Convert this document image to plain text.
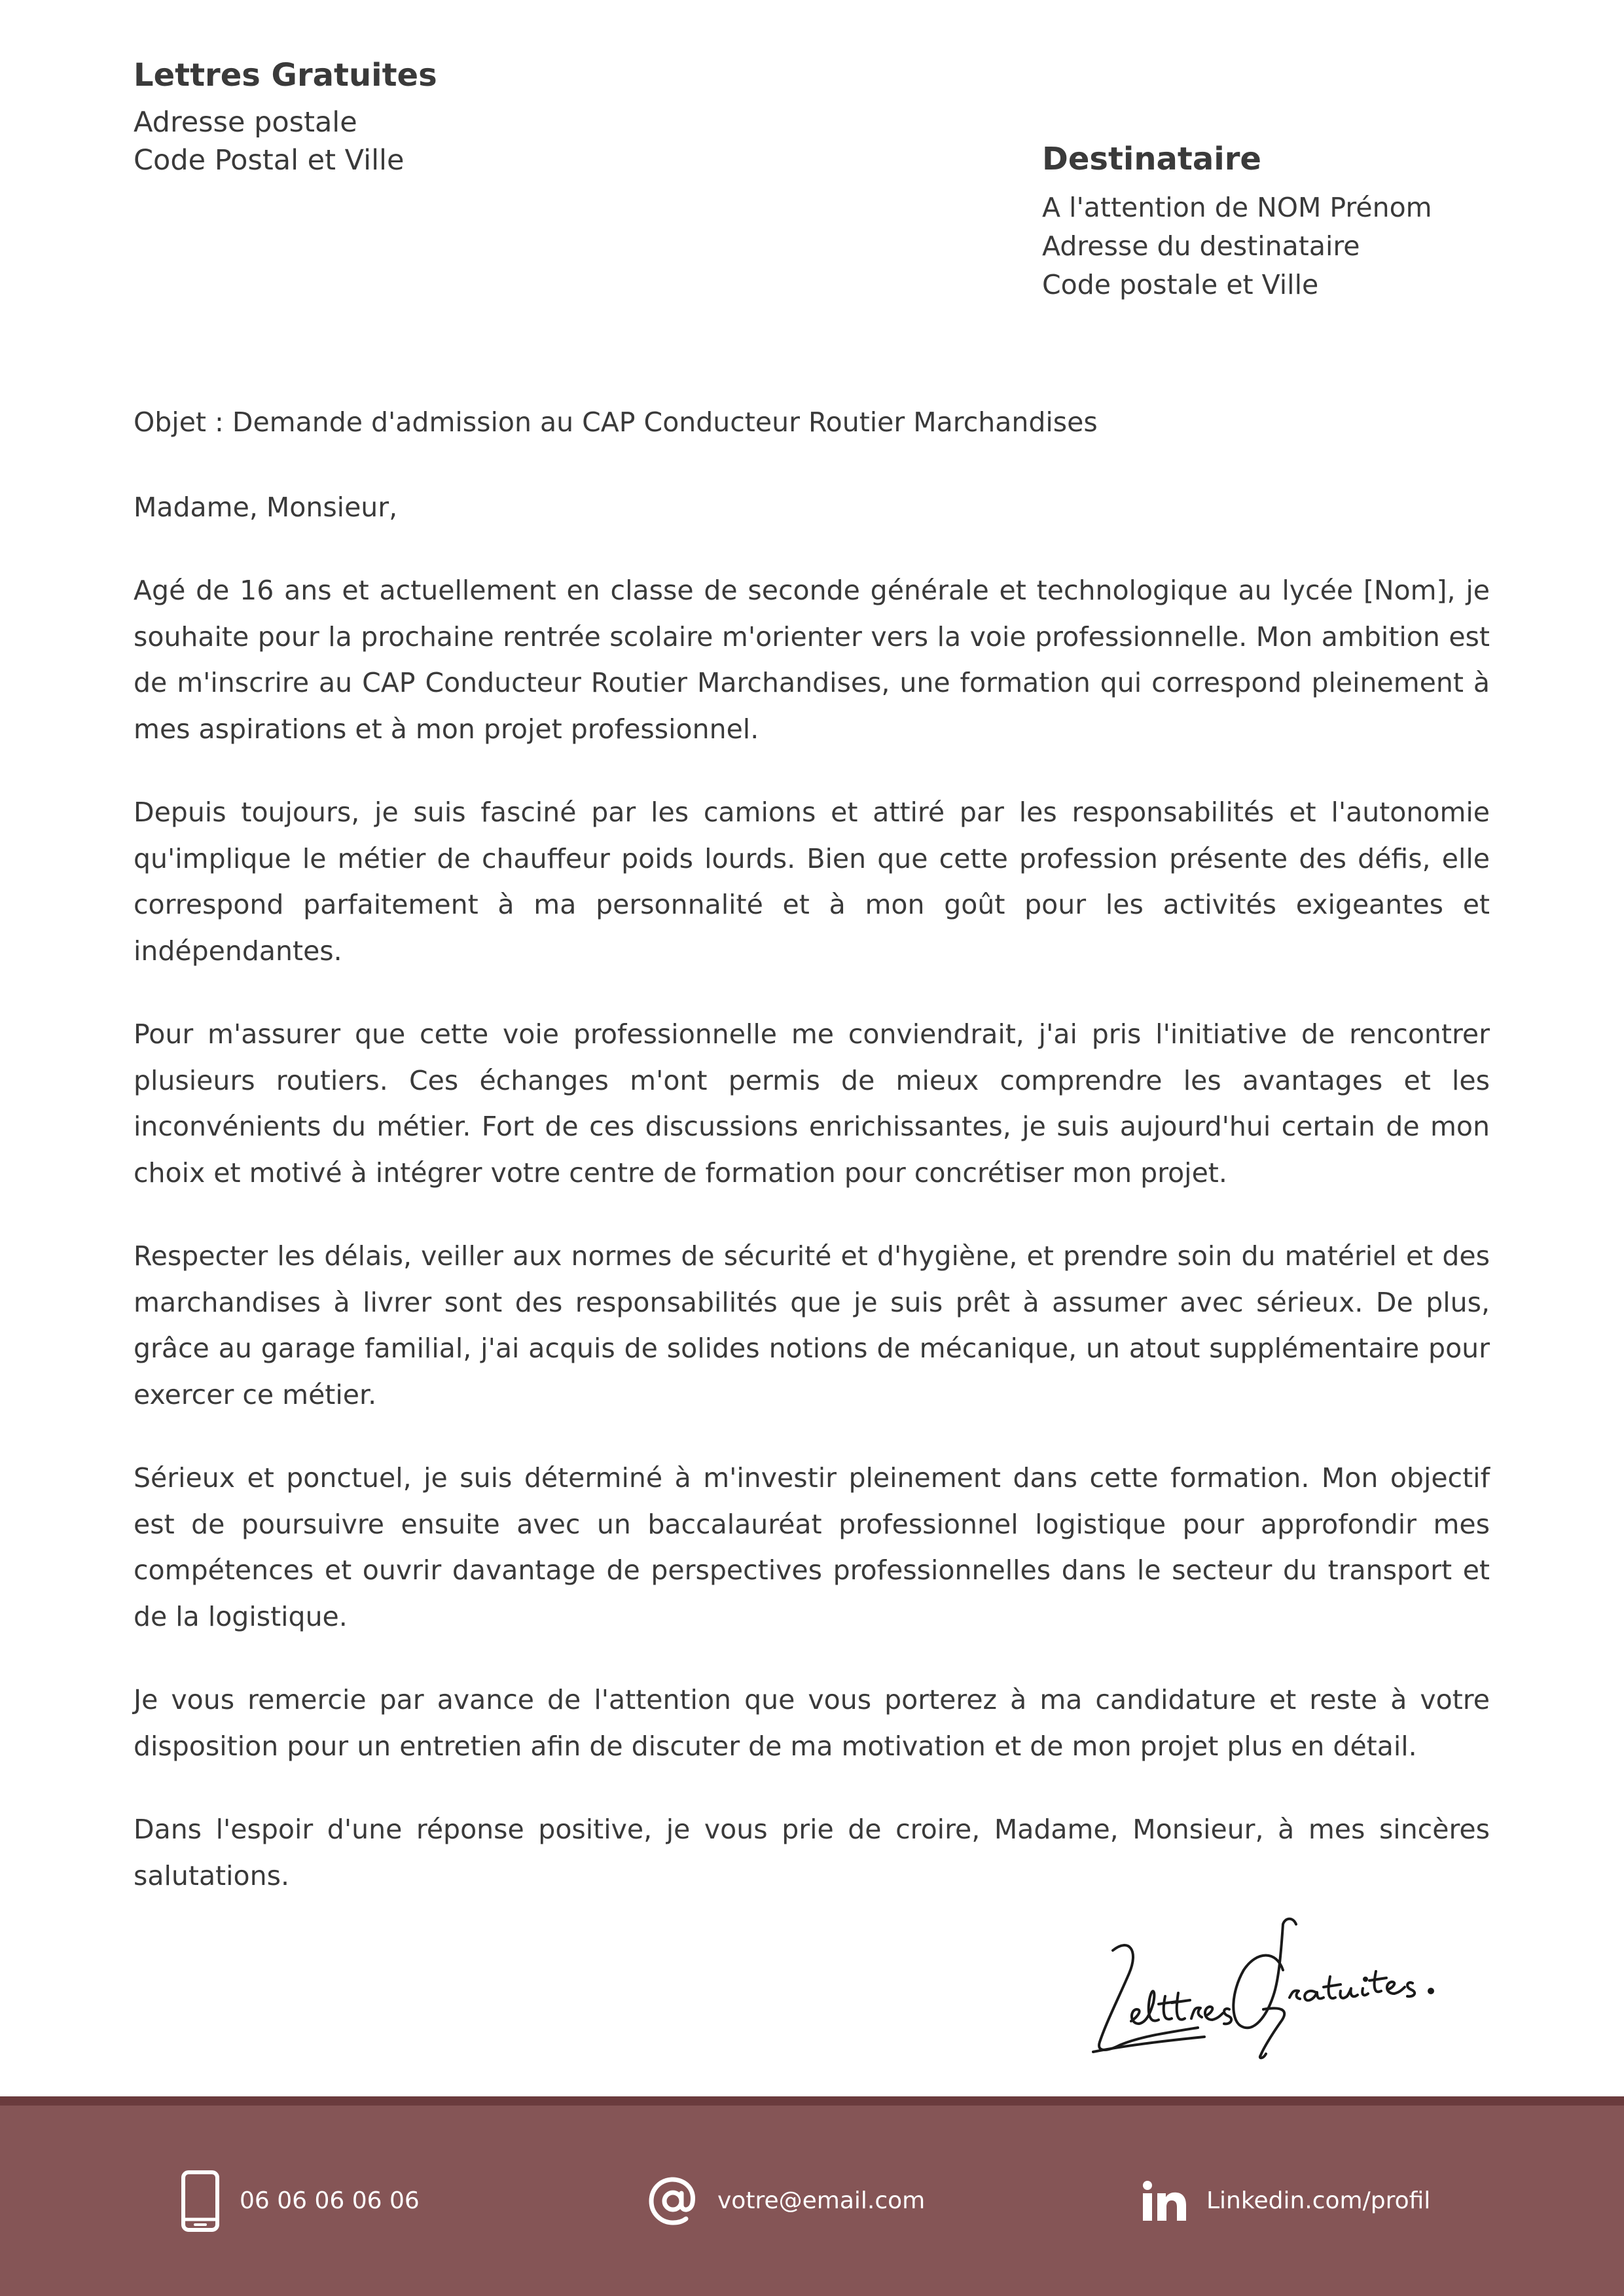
Lettres Gratuites
Adresse postale
Code Postal et Ville	Destinataire
A l'attention de NOM Prénom
Adresse du destinataire
Code postale et Ville

Objet : Demande d'admission au CAP Conducteur Routier Marchandises

Madame, Monsieur,

Agé de 16 ans et actuellement en classe de seconde générale et technologique au lycée [Nom], je souhaite pour la prochaine rentrée scolaire m'orienter vers la voie professionnelle. Mon ambition est de m'inscrire au CAP Conducteur Routier Marchandises, une formation qui correspond pleinement à mes aspirations et à mon projet professionnel.

Depuis toujours, je suis fasciné par les camions et attiré par les responsabilités et l'autonomie qu'implique le métier de chauffeur poids lourds. Bien que cette profession présente des défis, elle correspond parfaitement à ma personnalité et à mon goût pour les activités exigeantes et indépendantes.

Pour m'assurer que cette voie professionnelle me conviendrait, j'ai pris l'initiative de rencontrer plusieurs routiers. Ces échanges m'ont permis de mieux comprendre les avantages et les inconvénients du métier. Fort de ces discussions enrichissantes, je suis aujourd'hui certain de mon choix et motivé à intégrer votre centre de formation pour concrétiser mon projet.

Respecter les délais, veiller aux normes de sécurité et d'hygiène, et prendre soin du matériel et des marchandises à livrer sont des responsabilités que je suis prêt à assumer avec sérieux. De plus, grâce au garage familial, j'ai acquis de solides notions de mécanique, un atout supplémentaire pour exercer ce métier.

Sérieux et ponctuel, je suis déterminé à m'investir pleinement dans cette formation. Mon objectif est de poursuivre ensuite avec un baccalauréat professionnel logistique pour approfondir mes compétences et ouvrir davantage de perspectives professionnelles dans le secteur du transport et de la logistique.

Je vous remercie par avance de l'attention que vous porterez à ma candidature et reste à votre disposition pour un entretien afin de discuter de ma motivation et de mon projet plus en détail.

Dans l'espoir d'une réponse positive, je vous prie de croire, Madame, Monsieur, à mes sincères salutations.

06 06 06 06 06	votre@email.com	Linkedin.com/profil
